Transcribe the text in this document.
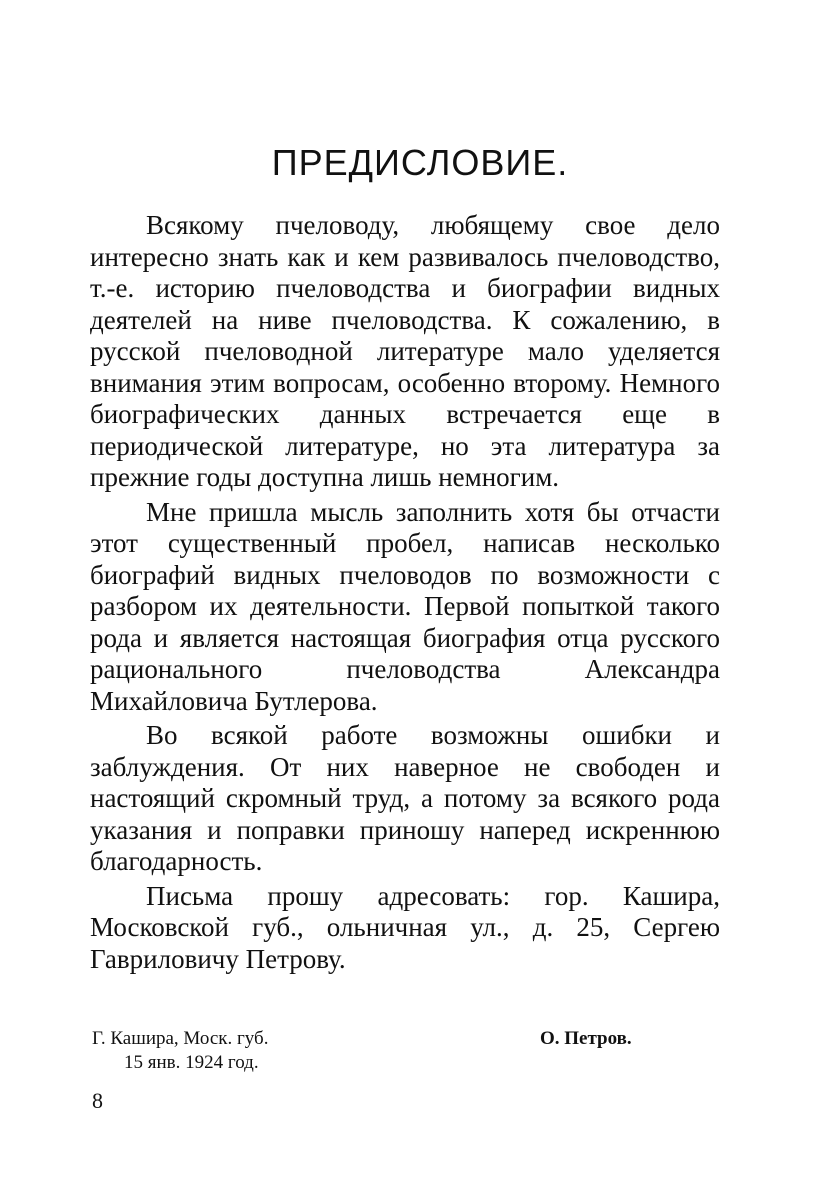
ПРЕДИСЛОВИЕ.

Всякому пчеловоду, любящему свое дело интересно знать как и кем развивалось пчеловодство, т.-е. историю пчеловодства и биографии видных деятелей на ниве пчеловодства. К сожалению, в русской пчеловодной литературе мало уделяется внимания этим вопросам, особенно второму. Немного биографических данных встречается еще в периодической литературе, но эта литература за прежние годы доступна лишь немногим.

Мне пришла мысль заполнить хотя бы отчасти этот существенный пробел, написав несколько биографий видных пчеловодов по возможности с разбором их деятельности. Первой попыткой такого рода и является настоящая биография отца русского рационального пчеловодства Александра Михайловича Бутлерова.

Во всякой работе возможны ошибки и заблуждения. От них наверное не свободен и настоящий скромный труд, а потому за всякого рода указания и поправки приношу наперед искреннюю благодарность.

Письма прошу адресовать: гор. Кашира, Московской губ., ольничная ул., д. 25, Сергею Гавриловичу Петрову.

Г. Кашира, Моск. губ.
15 янв. 1924 год.
О. Петров.
8
